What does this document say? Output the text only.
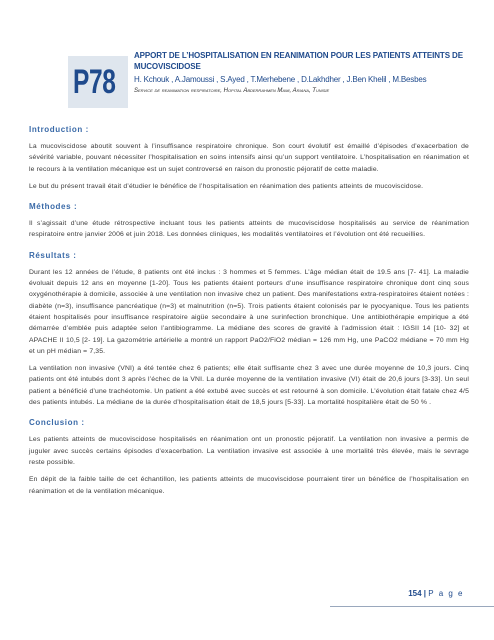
P78
APPORT DE L’HOSPITALISATION EN REANIMATION POUR LES PATIENTS ATTEINTS DE MUCOVISCIDOSE
H. Kchouk , A.Jamoussi , S.Ayed , T.Merhebene , D.Lakhdher , J.Ben Khelil , M.Besbes
Service de reanimation respiratoire, Hopital Abderrahmen Mami, Ariana, Tunisie
Introduction :

La mucoviscidose aboutit souvent à l’insuffisance respiratoire chronique. Son court évolutif est émaillé d’épisodes d’exacerbation de sévérité variable, pouvant nécessiter l’hospitalisation en soins intensifs ainsi qu’un support ventilatoire. L’hospitalisation en réanimation et le recours à la ventilation mécanique est un sujet controversé en raison du pronostic péjoratif de cette maladie.

Le but du présent travail était d’étudier le bénéfice de l’hospitalisation en réanimation des patients atteints de mucoviscidose.

Méthodes :

Il s’agissait d’une étude rétrospective incluant tous les patients atteints de mucoviscidose hospitalisés au service de réanimation respiratoire entre janvier 2006 et juin 2018. Les données cliniques, les modalités ventilatoires et l’évolution ont été recueillies.

Résultats :

Durant les 12 années de l’étude, 8 patients ont été inclus : 3 hommes et 5 femmes. L’âge médian était de 19.5 ans [7- 41]. La maladie évoluait depuis 12 ans en moyenne [1-20]. Tous les patients étaient porteurs d’une insuffisance respiratoire chronique dont cinq sous oxygénothérapie à domicile, associée à une ventilation non invasive chez un patient. Des manifestations extra-respiratoires étaient notées : diabète (n=3), insuffisance pancréatique (n=3) et malnutrition (n=5). Trois patients étaient colonisés par le pyocyanique. Tous les patients étaient hospitalisés pour insuffisance respiratoire aigüe secondaire à une surinfection bronchique. Une antibiothérapie empirique a été démarrée d’emblée puis adaptée selon l’antibiogramme. La médiane des scores de gravité à l’admission était : IGSII 14 [10- 32] et APACHE II 10,5 [2- 19]. La gazométrie artérielle a montré un rapport PaO2/FiO2 médian = 126 mm Hg, une PaCO2 médiane = 70 mm Hg et un pH médian = 7,35.

La ventilation non invasive (VNI) a été tentée chez 6 patients; elle était suffisante chez 3 avec une durée moyenne de 10,3 jours. Cinq patients ont été intubés dont 3 après l’échec de la VNI. La durée moyenne de la ventilation invasive (VI) était de 20,6 jours [3-33]. Un seul patient a bénéficié d’une trachéotomie. Un patient a été extubé avec succès et est retourné à son domicile. L’évolution était fatale chez 4/5 des patients intubés. La médiane de la durée d’hospitalisation était de 18,5 jours [5-33]. La mortalité hospitalière était de 50 % .

Conclusion :

Les patients atteints de mucoviscidose hospitalisés en réanimation ont un pronostic péjoratif. La ventilation non invasive a permis de juguler avec succès certains épisodes d’exacerbation. La ventilation invasive est associée à une mortalité très élevée, mais le sevrage reste possible.

En dépit de la faible taille de cet échantillon, les patients atteints de mucoviscidose pourraient tirer un bénéfice de l’hospitalisation en réanimation et de la ventilation mécanique.

154 | P a g e
